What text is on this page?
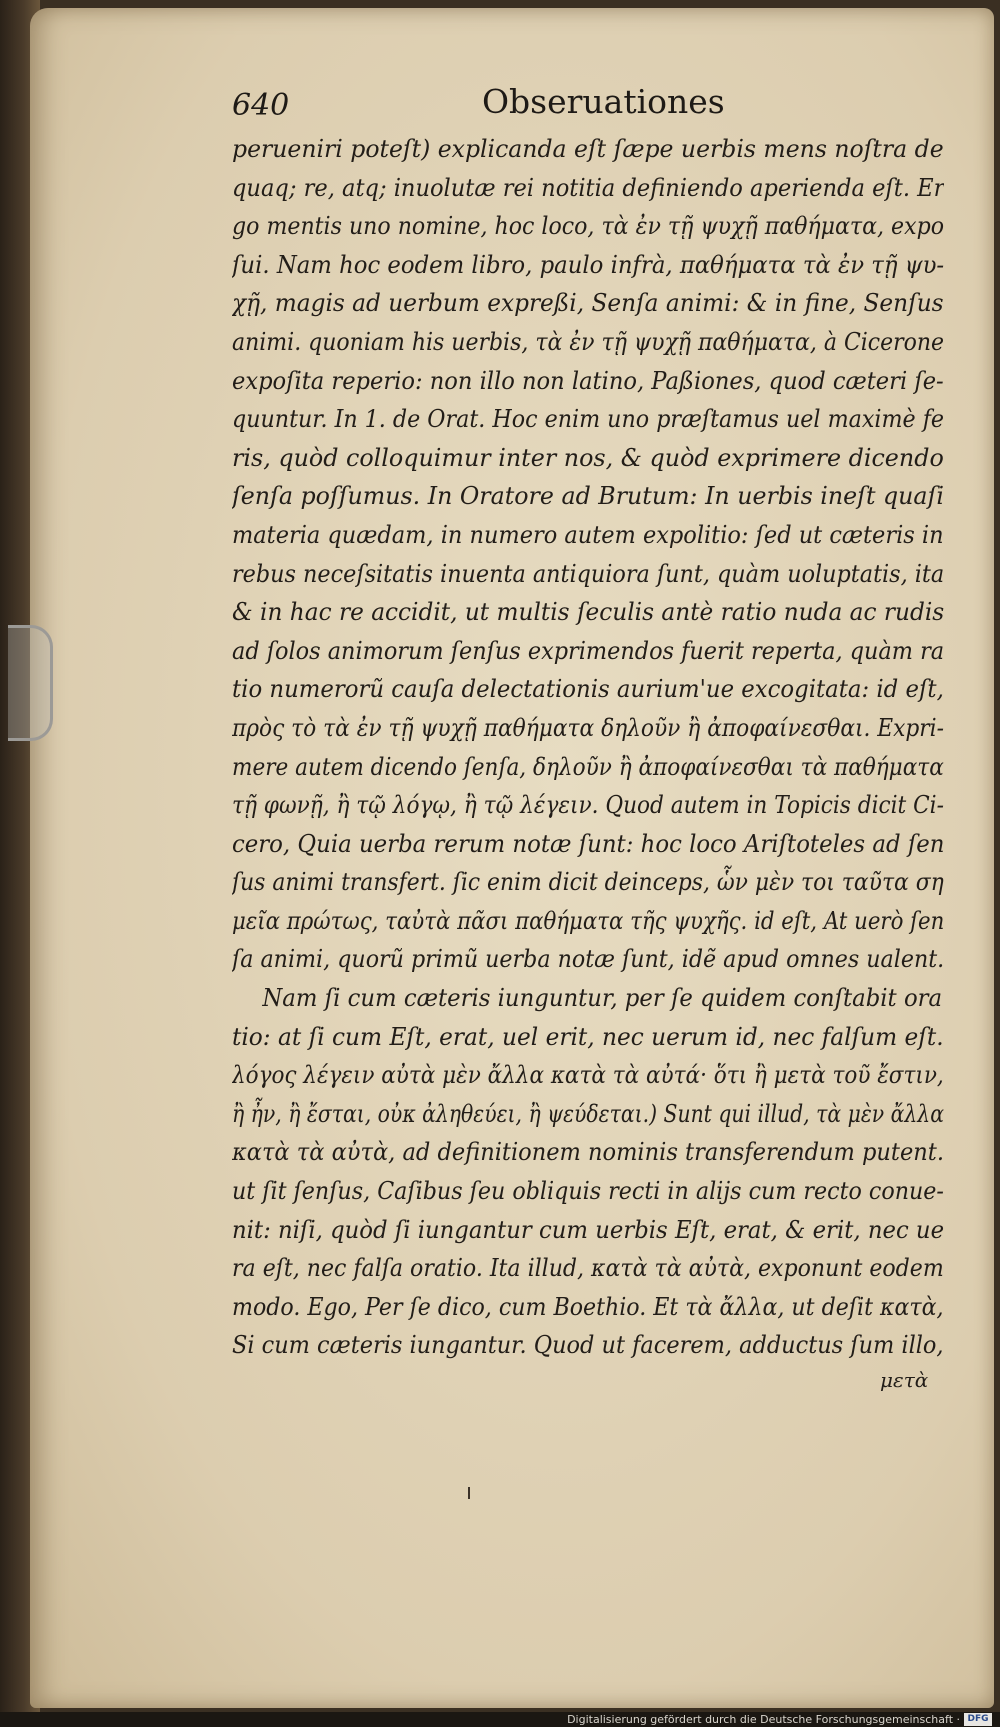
640	Obseruationes
perueniri poteſt) explicanda eſt ſæpe uerbis mens noſtra de
quaq; re, atq; inuolutæ rei notitia definiendo aperienda eſt. Er
go mentis uno nomine, hoc loco, τὰ ἐν τῇ ψυχῇ παθήματα, expo
ſui. Nam hoc eodem libro, paulo infrà, παθήματα τὰ ἐν τῇ ψυ-
χῇ, magis ad uerbum expreßi, Senſa animi: & in fine, Senſus
animi. quoniam his uerbis, τὰ ἐν τῇ ψυχῇ παθήματα, à Cicerone
expoſita reperio: non illo non latino, Paßiones, quod cæteri ſe-
quuntur. In 1. de Orat. Hoc enim uno præſtamus uel maximè fe
ris, quòd colloquimur inter nos, & quòd exprimere dicendo
ſenſa poſſumus. In Oratore ad Brutum: In uerbis ineſt quaſi
materia quædam, in numero autem expolitio: ſed ut cæteris in
rebus neceſsitatis inuenta antiquiora ſunt, quàm uoluptatis, ita
& in hac re accidit, ut multis ſeculis antè ratio nuda ac rudis
ad ſolos animorum ſenſus exprimendos fuerit reperta, quàm ra
tio numerorũ cauſa delectationis aurium'ue excogitata: id eſt,
πρὸς τὸ τὰ ἐν τῇ ψυχῇ παθήματα δηλοῦν ἢ ἀποφαίνεσθαι. Expri-
mere autem dicendo ſenſa, δηλοῦν ἢ ἀποφαίνεσθαι τὰ παθήματα
τῇ φωνῇ, ἢ τῷ λόγῳ, ἢ τῷ λέγειν. Quod autem in Topicis dicit Ci-
cero, Quia uerba rerum notæ ſunt: hoc loco Ariſtoteles ad ſen
ſus animi transfert. ſic enim dicit deinceps, ὧν μὲν τοι ταῦτα ση
μεῖα πρώτως, ταὐτὰ πᾶσι παθήματα τῆς ψυχῆς. id eſt, At uerò ſen
ſa animi, quorũ primũ uerba notæ ſunt, idẽ apud omnes ualent.
Nam ſi cum cæteris iunguntur, per ſe quidem conſtabit ora
tio: at ſi cum Eſt, erat, uel erit, nec uerum id, nec falſum eſt.
λόγος λέγειν αὐτὰ μὲν ἄλλα κατὰ τὰ αὐτά· ὅτι ἢ μετὰ τοῦ ἔστιν,
ἢ ἦν, ἢ ἔσται, οὐκ ἀληθεύει, ἢ ψεύδεται.) Sunt qui illud, τὰ μὲν ἄλλα
κατὰ τὰ αὐτὰ, ad definitionem nominis transferendum putent.
ut ſit ſenſus, Caſibus ſeu obliquis recti in alijs cum recto conue-
nit: niſi, quòd ſi iungantur cum uerbis Eſt, erat, & erit, nec ue
ra eſt, nec falſa oratio. Ita illud, κατὰ τὰ αὐτὰ, exponunt eodem
modo. Ego, Per ſe dico, cum Boethio. Et τὰ ἄλλα, ut deſit κατὰ,
Si cum cæteris iungantur. Quod ut facerem, adductus ſum illo,
μετὰ
Digitalisierung gefördert durch die Deutsche Forschungsgemeinschaft · DFG
